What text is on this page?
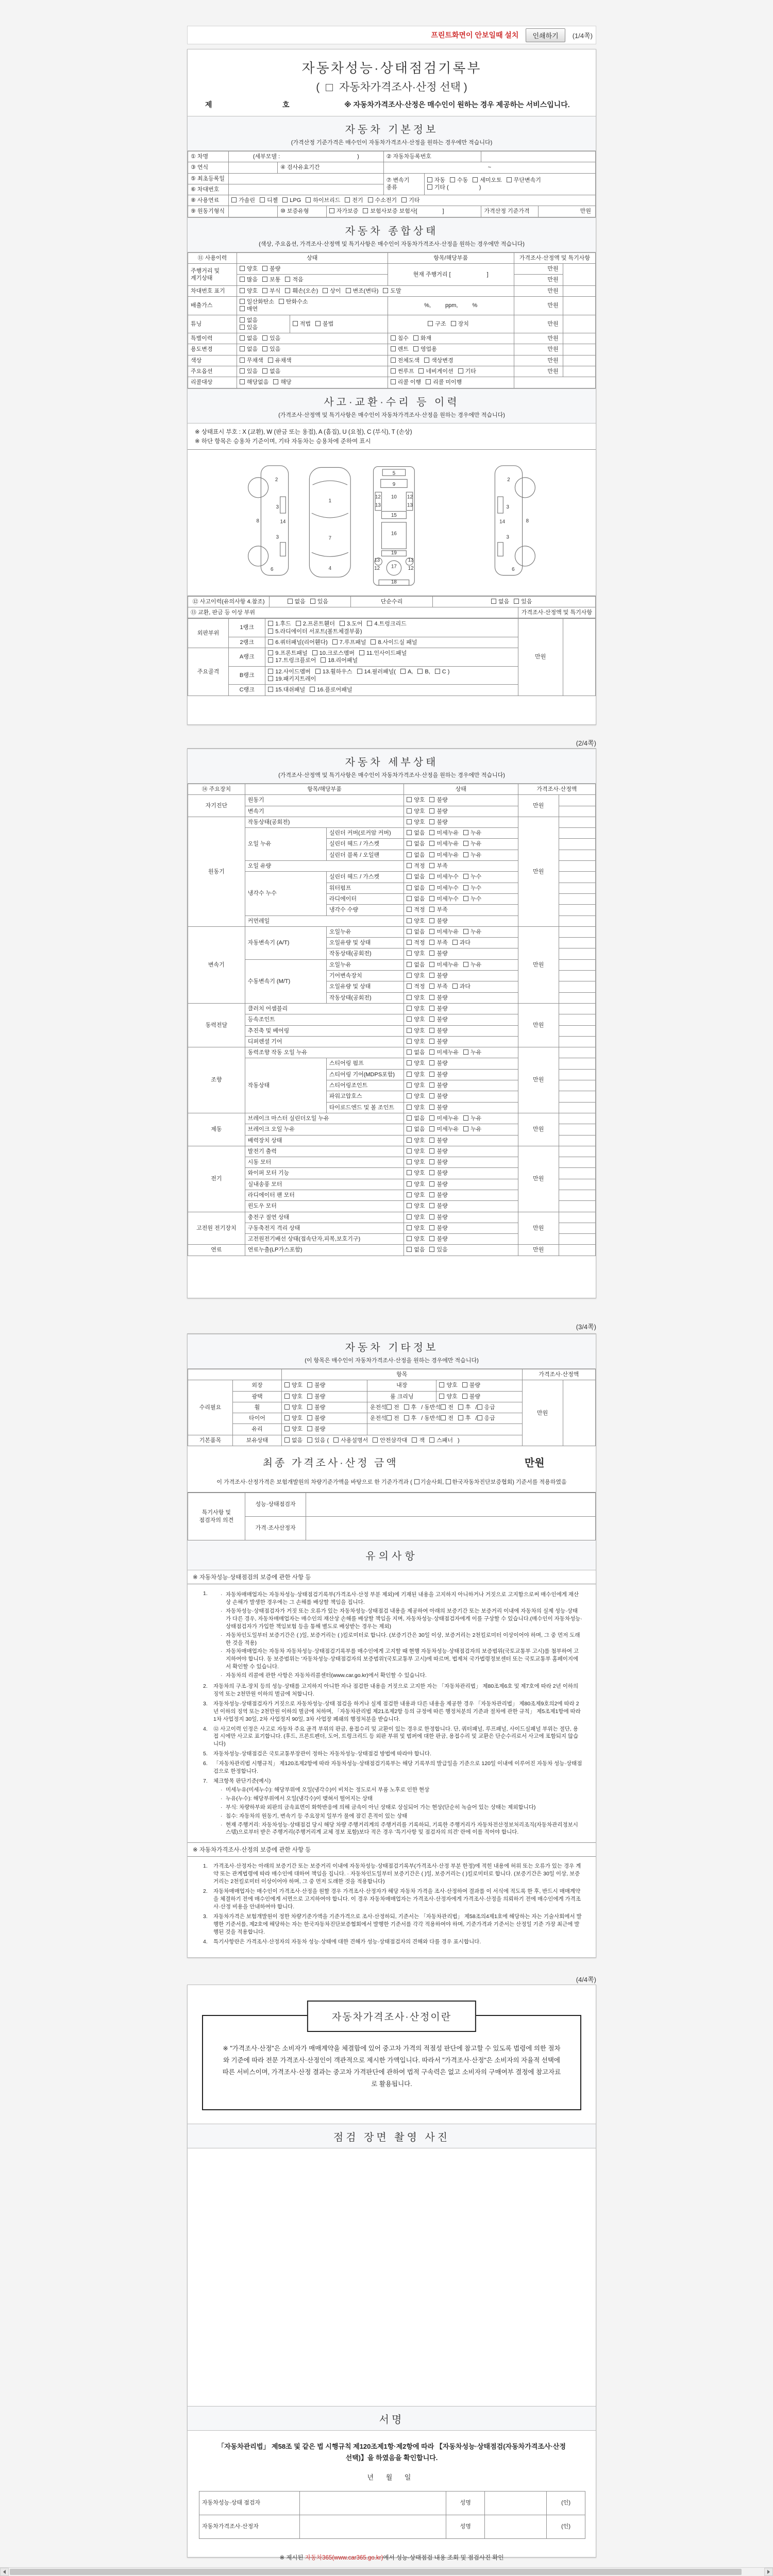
프린트화면이 안보일때 설치	인쇄하기	(1/4쪽)
자동차성능·상태점검기록부
( 자동차가격조사·산정 선택 )
제	호	※ 자동차가격조사·산정은 매수인이 원하는 경우 제공하는 서비스입니다.
자동차 기본정보
(가격산정 기준가격은 매수인이 자동차가격조사·산정을 원하는 경우에만 적습니다)
① 차명	(세부모델 : )			② 자동차등록번호			
③ 연식		④ 검사유효기간		~			
⑤ 최초등록일				⑦ 변속기 종류	자동 수동 세미오토 무단변속기
기타 ( )		
⑥ 차대번호							
⑧ 사용연료	가솔린 디젤 LPG 하이브리드 전기 수소전기 기타						
⑨ 원동기형식		⑩ 보증유형	자가보증 보험사보증 보험사[ ]			가격산정 기준가격	만원
자동차 종합상태
(색상, 주요옵션, 가격조사·산정액 및 특기사항은 매수인이 자동차가격조사·산정을 원하는 경우에만 적습니다)
⑪ 사용이력	상태		항목/해당부품	가격조사·산정액 및 특기사항	
주행거리 및 계기상태	양호 불량		현재 주행거리 [ ]	만원	
	많음 보통 적음			만원	
차대번호 표기	양호 부식 훼손(오손) 상이 변조(변타) 도말			만원	
배출가스	일산화탄소 탄화수소
매연		%, ppm, %	만원	
튜닝	없음
있음	적법 불법	구조 장치	만원	
특별이력	없음 있음		침수 화재	만원	
용도변경	없음 있음		렌트 영업용	만원	
색상	무채색 유채색		전체도색 색상변경	만원	
주요옵션	있음 없음		썬루프 네비게이션 기타	만원	
리콜대상	해당없음 해당		리콜 이행 리콜 미이행		
사고·교환·수리 등 이력
(가격조사·산정액 및 특기사항은 매수인이 자동차가격조사·산정을 원하는 경우에만 적습니다)
※ 상태표시 부호 : X (교환), W (판금 또는 용접), A (흠집), U (요철), C (부식), T (손상)
※ 하단 항목은 승용차 기준이며, 기타 자동차는 승용차에 준하여 표시
2
3
8	14
3
6
1
7
4
5
9
12 10 12
13	13
15
16
19
13	13
12	12
17
18
2
3
8
14
3
6
⑫ 사고이력(유의사항 4.참조)	없음 있음	단순수리	없음 있음	
⑬ 교환, 판금 등 이상 부위				가격조사·산정액 및 특기사항
외판부위	1랭크	1.후드 2.프론트휀더 3.도어 4.트렁크리드
5.라디에이터 서포트(볼트체결부품)	만원	
	2랭크	6.쿼터패널(리어휀다) 7.루프패널 8.사이드실 패널		
주요골격	A랭크	9.프론트패널 10.크로스멤버 11.인사이드패널
17.트렁크플로어 18.리어패널		
	B랭크	12.사이드멤버 13.휠하우스 14.필러패널( A, B, C )
19.패키지트레이		
	C랭크	15.대쉬패널 16.플로어패널		
(2/4쪽)
자동차 세부상태
(가격조사·산정액 및 특기사항은 매수인이 자동차가격조사·산정을 원하는 경우에만 적습니다)
⑭ 주요장치	항목/해당부품		상태	가격조사·산정액	
자기진단	원동기		양호 불량	만원	
	변속기		양호 불량		
원동기	작동상태(공회전)		양호 불량	만원	
	오일 누유	실린더 커버(로커암 커버)	없음 미세누유 누유		
		실린더 헤드 / 가스켓	없음 미세누유 누유		
		실린더 블록 / 오일팬	없음 미세누유 누유		
	오일 유량		적정 부족		
	냉각수 누수	실린더 헤드 / 가스켓	없음 미세누수 누수		
		워터펌프	없음 미세누수 누수		
		라디에이터	없음 미세누수 누수		
		냉각수 수량	적정 부족		
	커먼레일		양호 불량		
변속기	자동변속기 (A/T)	오일누유	없음 미세누유 누유	만원	
		오일유량 및 상태	적정 부족 과다		
		작동상태(공회전)	양호 불량		
	수동변속기 (M/T)	오일누유	없음 미세누유 누유		
		기어변속장치	양호 불량		
		오일유량 및 상태	적정 부족 과다		
		작동상태(공회전)	양호 불량		
동력전달	클러치 어셈블리		양호 불량	만원	
	등속조인트		양호 불량		
	추진축 및 베어링		양호 불량		
	디퍼렌셜 기어		양호 불량		
조향	동력조향 작동 오일 누유		없음 미세누유 누유	만원	
	작동상태	스티어링 펌프	양호 불량		
		스티어링 기어(MDPS포함)	양호 불량		
		스티어링조인트	양호 불량		
		파워고압호스	양호 불량		
		타이로드엔드 및 볼 조인트	양호 불량		
제동	브레이크 마스터 실린더오일 누유		없음 미세누유 누유	만원	
	브레이크 오일 누유		없음 미세누유 누유		
	배력장치 상태		양호 불량		
전기	발전기 출력		양호 불량	만원	
	시동 모터		양호 불량		
	와이퍼 모터 기능		양호 불량		
	실내송풍 모터		양호 불량		
	라디에이터 팬 모터		양호 불량		
	윈도우 모터		양호 불량		
고전원 전기장치	충전구 절연 상태		양호 불량	만원	
	구동축전지 격리 상태		양호 불량		
	고전원전기배선 상태(접속단자,피복,보호기구)		양호 불량		
연료	연료누출(LP가스포함)		없음 있음	만원	
(3/4쪽)
자동차 기타정보
(이 항목은 매수인이 자동차가격조사·산정을 원하는 경우에만 적습니다)
		항목			가격조사·산정액	
수리필요	외장	양호 불량	내장	양호 불량	만원	
	광택	양호 불량	룸 크리닝	양호 불량		
	휠	양호 불량	운전석 전 후 / 동반석 전 후 / 응급			
	타이어	양호 불량	운전석 전 후 / 동반석 전 후 / 응급			
	유리	양호 불량				
기본품목	보유상태	없음 있음 ( 사용설명서 안전삼각대 잭 스패너 )				
최종 가격조사·산정 금액	만원
이 가격조사·산정가격은 보험개발원의 차량기준가액을 바탕으로 한 기준가격과 ( 기술사회, 한국자동차진단보증협회) 기준서를 적용하였음
특기사항 및 점검자의 의견	성능·상태점검자	
	가격·조사산정자	
유의사항
※ 자동차성능·상태점검의 보증에 관한 사항 등
1.	· 자동차매매업자는 자동차성능·상태점검기록부(가격조사·산정 부분 제외)에 기재된 내용을 고지하지 아니하거나 거짓으로 고지함으로써 매수인에게 재산상 손해가 발생한 경우에는 그 손해를 배상할 책임을 집니다.
· 자동차성능·상태점검자가 거짓 또는 오류가 있는 자동차성능·상태점검 내용을 제공하여 아래의 보증기간 또는 보증거리 이내에 자동차의 실제 성능·상태가 다른 경우, 자동차매매업자는 매수인의 재산상 손해를 배상할 책임을 지며, 자동차성능·상태점검자에게 이를 구상할 수 있습니다.(매수인이 자동차성능·상태점검자가 가입한 책임보험 등을 통해 별도로 배상받는 경우는 제외)
· 자동차인도일부터 보증기간은 ( )일, 보증거리는 ( )킬로미터로 합니다. (보증기간은 30일 이상, 보증거리는 2천킬로미터 이상이어야 하며, 그 중 먼저 도래한 것을 적용)
· 자동차매매업자는 자동차 자동차성능·상태점검기록부를 매수인에게 고지할 때 현행 자동차성능·상태점검자의 보증범위(국토교통부 고시)를 첨부하여 고지하여야 합니다. 동 보증범위는 '자동차성능·상태점검자의 보증범위'(국토교통부 고시)에 따르며, 법제처 국가법령정보센터 또는 국토교통부 홈페이지에서 확인할 수 있습니다.
· 자동차의 리콜에 관한 사항은 자동차리콜센터(www.car.go.kr)에서 확인할 수 있습니다.
2.	자동차의 구조·장치 등의 성능·상태를 고지하지 아니한 자나 점검한 내용을 거짓으로 고지한 자는 「자동차관리법」 제80조제6호 및 제7호에 따라 2년 이하의 징역 또는 2천만원 이하의 벌금에 처합니다.
3.	자동차성능·상태점검자가 거짓으로 자동차성능·상태 점검을 하거나 실제 점검한 내용과 다른 내용을 제공한 경우 「자동차관리법」 제80조제9호의2에 따라 2년 이하의 징역 또는 2천만원 이하의 벌금에 처하며, 「자동차관리법 제21조제2항 등의 규정에 따른 행정처분의 기준과 절차에 관한 규칙」 제5조제1항에 따라 1차 사업정지 30일, 2차 사업정지 90일, 3차 사업장 폐쇄의 행정처분을 받습니다.
4.	⑫ 사고이력 인정은 사고로 자동차 주요 골격 부위의 판금, 용접수리 및 교환이 있는 경우로 한정합니다. 단, 쿼터패널, 루프패널, 사이드실패널 부위는 절단, 용접 시에만 사고로 표기합니다. (후드, 프론트펜더, 도어, 트렁크리드 등 외판 부위 및 범퍼에 대한 판금, 용접수리 및 교환은 단순수리로서 사고에 포함되지 않습니다)
5.	자동차성능·상태점검은 국토교통부장관이 정하는 자동차성능·상태점검 방법에 따라야 합니다.
6.	「자동차관리법 시행규칙」 제120조제2항에 따라 자동차성능·상태점검기록부는 해당 기록부의 발급일을 기준으로 120일 이내에 이루어진 자동차 성능·상태점검으로 한정합니다.
7.	체크항목 판단기준(예시)
· 미세누유(미세누수): 해당부위에 오일(냉각수)이 비치는 정도로서 부품 노후로 인한 현상
· 누유(누수): 해당부위에서 오일(냉각수)이 맺혀서 떨어지는 상태
· 부식: 차량하부와 외판의 금속표면이 화학반응에 의해 금속이 아닌 상태로 상실되어 가는 현상(단순히 녹슬어 있는 상태는 제외합니다)
· 침수: 자동차의 원동기, 변속기 등 주요장치 일부가 물에 잠긴 흔적이 있는 상태
· 현재 주행거리: 자동차성능·상태점검 당시 해당 차량 주행거리계의 주행거리를 기록하되, 기록한 주행거리가 자동차전산정보처리조직(자동차관리정보시스템)으로부터 받은 주행거리(주행거리계 교체 정보 포함)보다 적은 경우 '특기사항 및 점검자의 의견' 란에 이를 적어야 합니다.
※ 자동차가격조사·산정의 보증에 관한 사항 등
1.	가격조사·산정자는 아래의 보증기간 또는 보증거리 이내에 자동차성능·상태점검기록부(가격조사·산정 부분 한정)에 적힌 내용에 허위 또는 오류가 있는 경우 계약 또는 관계법령에 따라 매수인에 대하여 책임을 집니다. · 자동차인도일부터 보증기간은 ( )일, 보증거리는 ( )킬로미터로 합니다. (보증기간은 30일 이상, 보증거리는 2천킬로미터 이상이어야 하며, 그 중 먼저 도래한 것을 적용합니다)
2.	자동차매매업자는 매수인이 가격조사·산정을 원할 경우 가격조사·산정자가 해당 자동차 가격을 조사·산정하여 결과를 이 서식에 적도록 한 후, 반드시 매매계약을 체결하기 전에 매수인에게 서면으로 고지하여야 합니다. 이 경우 자동차매매업자는 가격조사·산정자에게 가격조사·산정을 의뢰하기 전에 매수인에게 가격조사·산정 비용을 안내하여야 합니다.
3.	자동차가격은 보험개발원이 정한 차량기준가액을 기준가격으로 조사·산정하되, 기준서는 「자동차관리법」 제58조의4제1호에 해당하는 자는 기술사회에서 발행한 기준서를, 제2호에 해당하는 자는 한국자동차진단보증협회에서 발행한 기준서를 각각 적용하여야 하며, 기준가격과 기준서는 산정일 기준 가장 최근에 발행된 것을 적용합니다.
4.	특기사항란은 가격조사·산정자의 자동차 성능·상태에 대한 견해가 성능·상태점검자의 견해와 다를 경우 표시합니다.
(4/4쪽)
자동차가격조사·산정이란
※ "가격조사·산정"은 소비자가 매매계약을 체결함에 있어 중고차 가격의 적절성 판단에 참고할 수 있도록 법령에 의한 절차와 기준에 따라 전문 가격조사·산정인이 객관적으로 제시한 가액입니다. 따라서 "가격조사·산정"은 소비자의 자율적 선택에 따른 서비스이며, 가격조사·산정 결과는 중고차 가격판단에 관하여 법적 구속력은 없고 소비자의 구매여부 결정에 참고자료로 활용됩니다.
점검 장면 촬영 사진
서명
「자동차관리법」 제58조 및 같은 법 시행규칙 제120조제1항·제2항에 따라 【자동차성능·상태점검(자동차가격조사·산정 선택)】을 하였음을 확인합니다.
년 월 일
자동차성능·상태 점검자		성명		(인)
자동차가격조사·산정자		성명		(인)
※ 제시된 자동차365(www.car365.go.kr)에서 성능·상태점검 내용 조회 및 점검사진 확인
